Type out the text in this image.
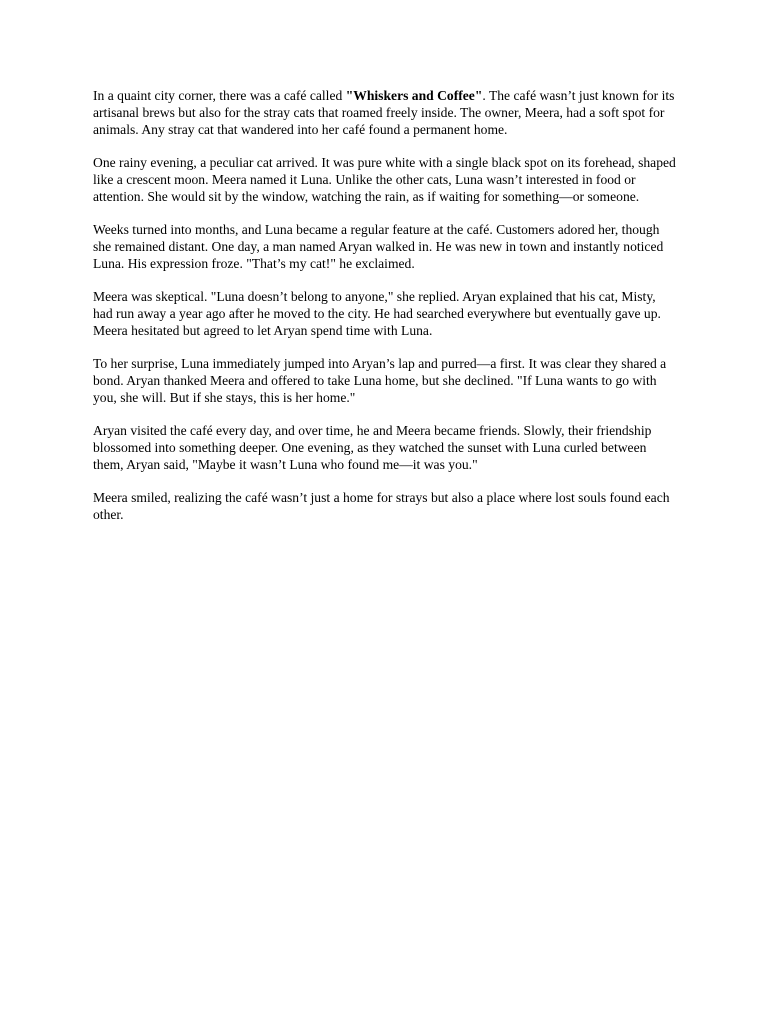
In a quaint city corner, there was a café called "Whiskers and Coffee". The café wasn’t just known for its artisanal brews but also for the stray cats that roamed freely inside. The owner, Meera, had a soft spot for animals. Any stray cat that wandered into her café found a permanent home.

One rainy evening, a peculiar cat arrived. It was pure white with a single black spot on its forehead, shaped like a crescent moon. Meera named it Luna. Unlike the other cats, Luna wasn’t interested in food or attention. She would sit by the window, watching the rain, as if waiting for something—or someone.

Weeks turned into months, and Luna became a regular feature at the café. Customers adored her, though she remained distant. One day, a man named Aryan walked in. He was new in town and instantly noticed Luna. His expression froze. "That’s my cat!" he exclaimed.

Meera was skeptical. "Luna doesn’t belong to anyone," she replied. Aryan explained that his cat, Misty, had run away a year ago after he moved to the city. He had searched everywhere but eventually gave up. Meera hesitated but agreed to let Aryan spend time with Luna.

To her surprise, Luna immediately jumped into Aryan’s lap and purred—a first. It was clear they shared a bond. Aryan thanked Meera and offered to take Luna home, but she declined. "If Luna wants to go with you, she will. But if she stays, this is her home."

Aryan visited the café every day, and over time, he and Meera became friends. Slowly, their friendship blossomed into something deeper. One evening, as they watched the sunset with Luna curled between them, Aryan said, "Maybe it wasn’t Luna who found me—it was you."

Meera smiled, realizing the café wasn’t just a home for strays but also a place where lost souls found each other.
